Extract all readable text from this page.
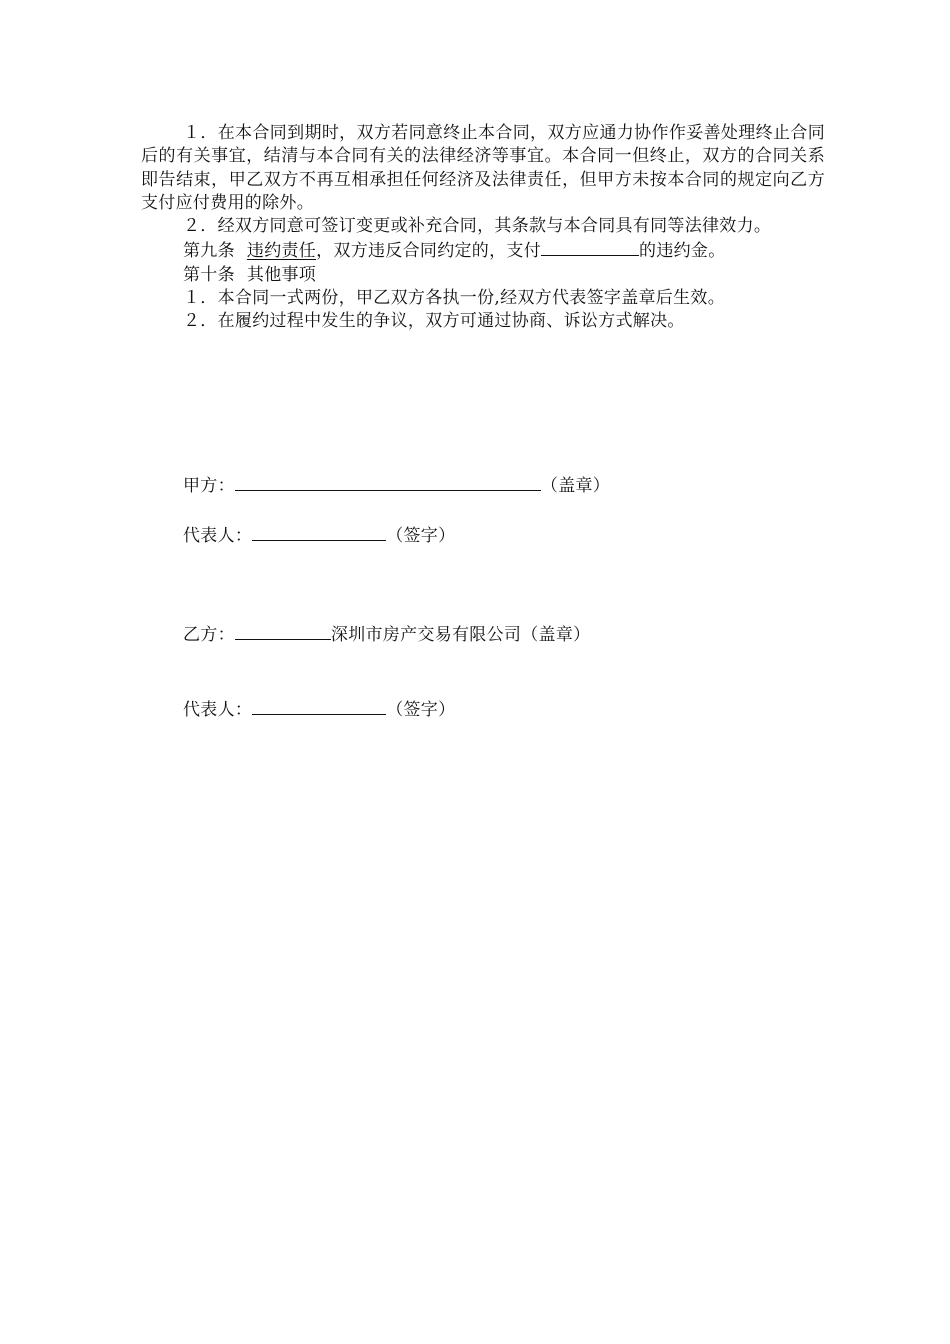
１．在本合同到期时，双方若同意终止本合同，双方应通力协作作妥善处理终止合同后的有关事宜，结清与本合同有关的法律经济等事宜。本合同一但终止，双方的合同关系即告结束，甲乙双方不再互相承担任何经济及法律责任，但甲方未按本合同的规定向乙方支付应付费用的除外。

２．经双方同意可签订变更或补充合同，其条款与本合同具有同等法律效力。

第九条 违约责任，双方违反合同约定的，支付	的违约金。

第十条 其他事项

１．本合同一式两份，甲乙双方各执一份,经双方代表签字盖章后生效。

２．在履约过程中发生的争议，双方可通过协商、诉讼方式解决。

甲方：	（盖章）
代表人：	（签字）
乙方：	深圳市房产交易有限公司（盖章）
代表人：	（签字）
